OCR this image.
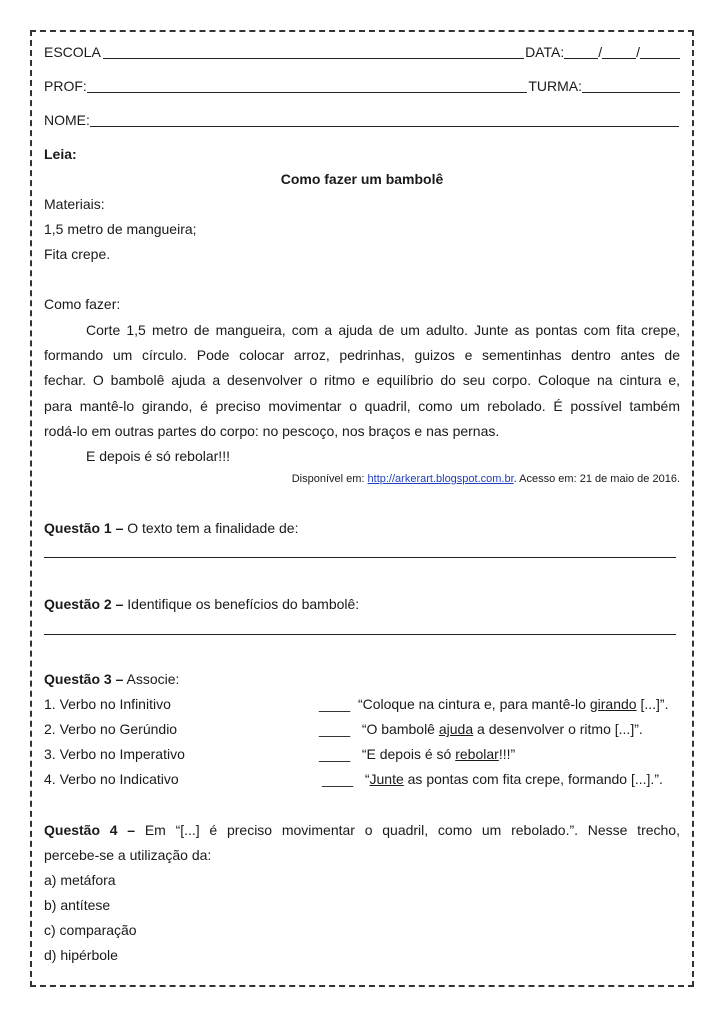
ESCOLA	DATA: / /
PROF:	TURMA:
NOME:
Leia:
Como fazer um bambolê
Materiais:
1,5 metro de mangueira;
Fita crepe.
Como fazer:
Corte 1,5 metro de mangueira, com a ajuda de um adulto. Junte as pontas com fita crepe,
formando um círculo. Pode colocar arroz, pedrinhas, guizos e sementinhas dentro antes de
fechar. O bambolê ajuda a desenvolver o ritmo e equilíbrio do seu corpo. Coloque na cintura e,
para mantê-lo girando, é preciso movimentar o quadril, como um rebolado. É possível também
rodá-lo em outras partes do corpo: no pescoço, nos braços e nas pernas.
E depois é só rebolar!!!
Disponível em: http://arkerart.blogspot.com.br. Acesso em: 21 de maio de 2016.
Questão 1 – O texto tem a finalidade de:
Questão 2 – Identifique os benefícios do bambolê:
Questão 3 – Associe:
1. Verbo no Infinitivo	____ “Coloque na cintura e, para mantê-lo girando [...]”.
2. Verbo no Gerúndio	____ “O bambolê ajuda a desenvolver o ritmo [...]”.
3. Verbo no Imperativo	____ “E depois é só rebolar!!!”
4. Verbo no Indicativo	____ “Junte as pontas com fita crepe, formando [...].”.
Questão 4 – Em “[...] é preciso movimentar o quadril, como um rebolado.”. Nesse trecho,
percebe-se a utilização da:
a) metáfora
b) antítese
c) comparação
d) hipérbole
